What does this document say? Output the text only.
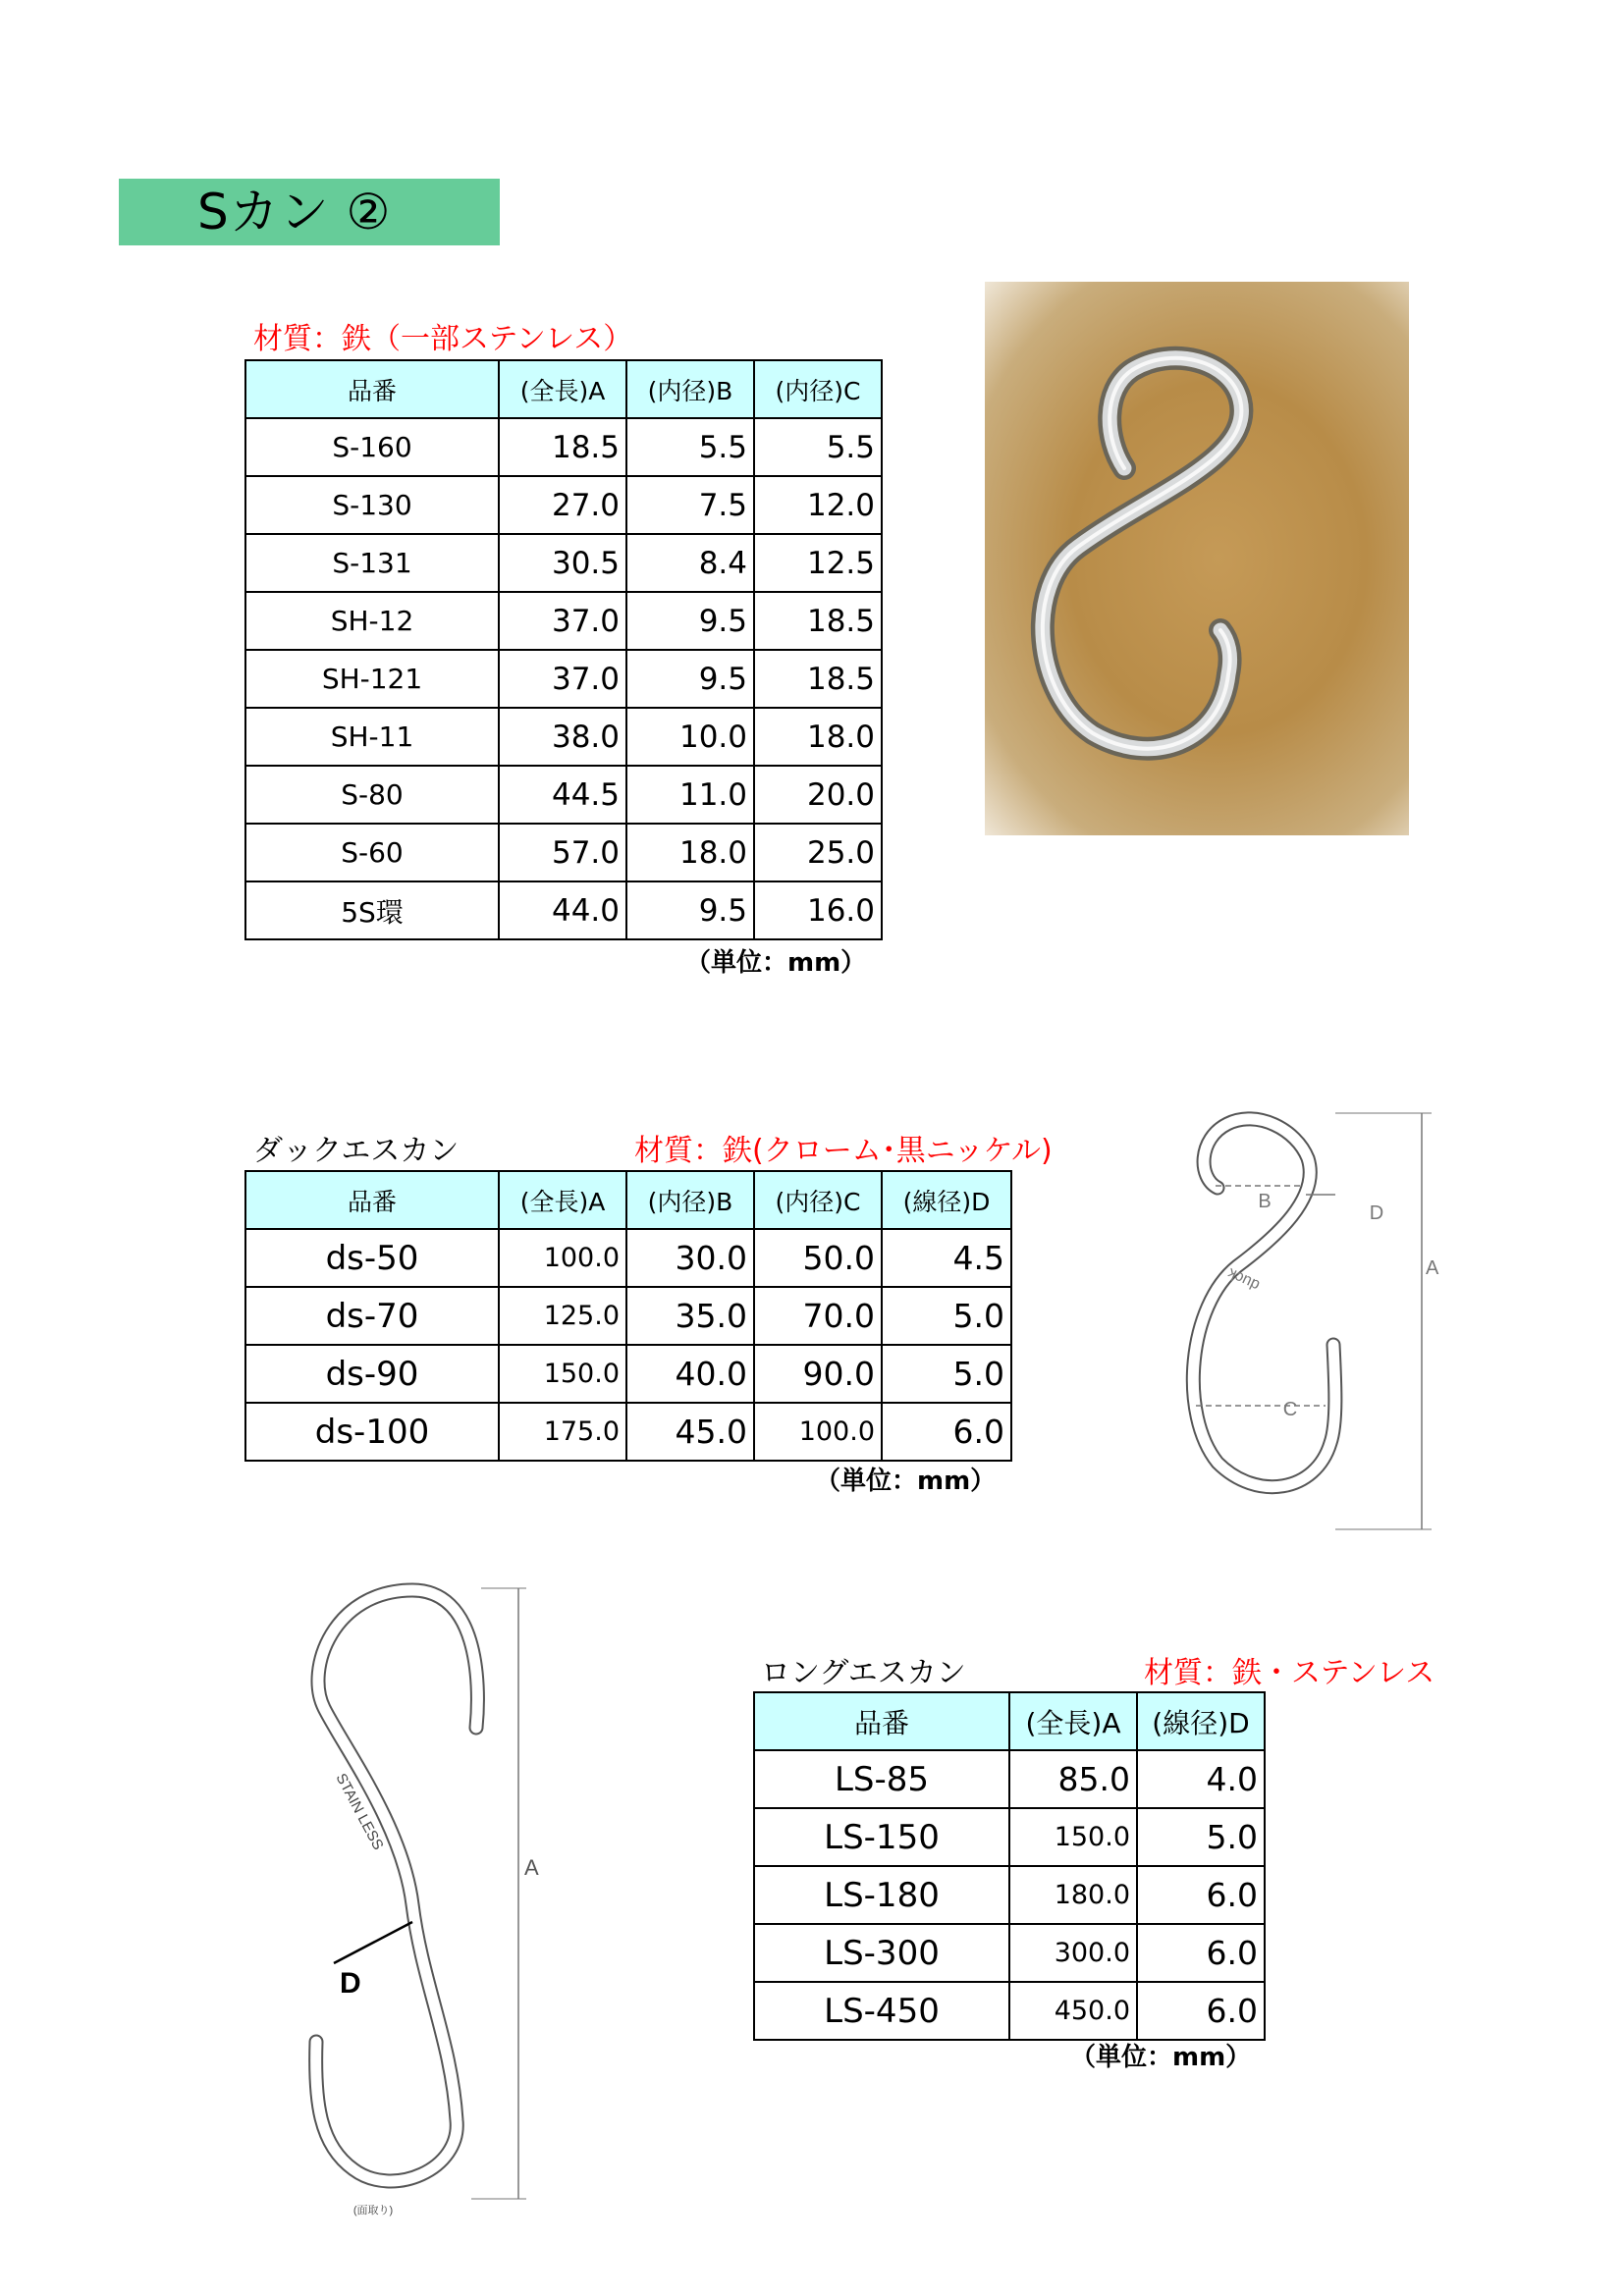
Sカン ②
材質：鉄（一部ステンレス）
品番	(全長)A	(内径)B	(内径)C
S-160	18.5	5.5	5.5
S-130	27.0	7.5	12.0
S-131	30.5	8.4	12.5
SH-12	37.0	9.5	18.5
SH-121	37.0	9.5	18.5
SH-11	38.0	10.0	18.0
S-80	44.5	11.0	20.0
S-60	57.0	18.0	25.0
5S環	44.0	9.5	16.0
（単位：mm）
ダックエスカン	材質：鉄(クローム･黒ニッケル)
品番	(全長)A	(内径)B	(内径)C	(線径)D
ds-50	100.0	30.0	50.0	4.5
ds-70	125.0	35.0	70.0	5.0
ds-90	150.0	40.0	90.0	5.0
ds-100	175.0	45.0	100.0	6.0
（単位：mm）
B
D
A
C
duck
A
D
STAIN LESS
(面取り)
ロングエスカン	材質：鉄・ステンレス
品番	(全長)A	(線径)D
LS-85	85.0	4.0
LS-150	150.0	5.0
LS-180	180.0	6.0
LS-300	300.0	6.0
LS-450	450.0	6.0
（単位：mm）
